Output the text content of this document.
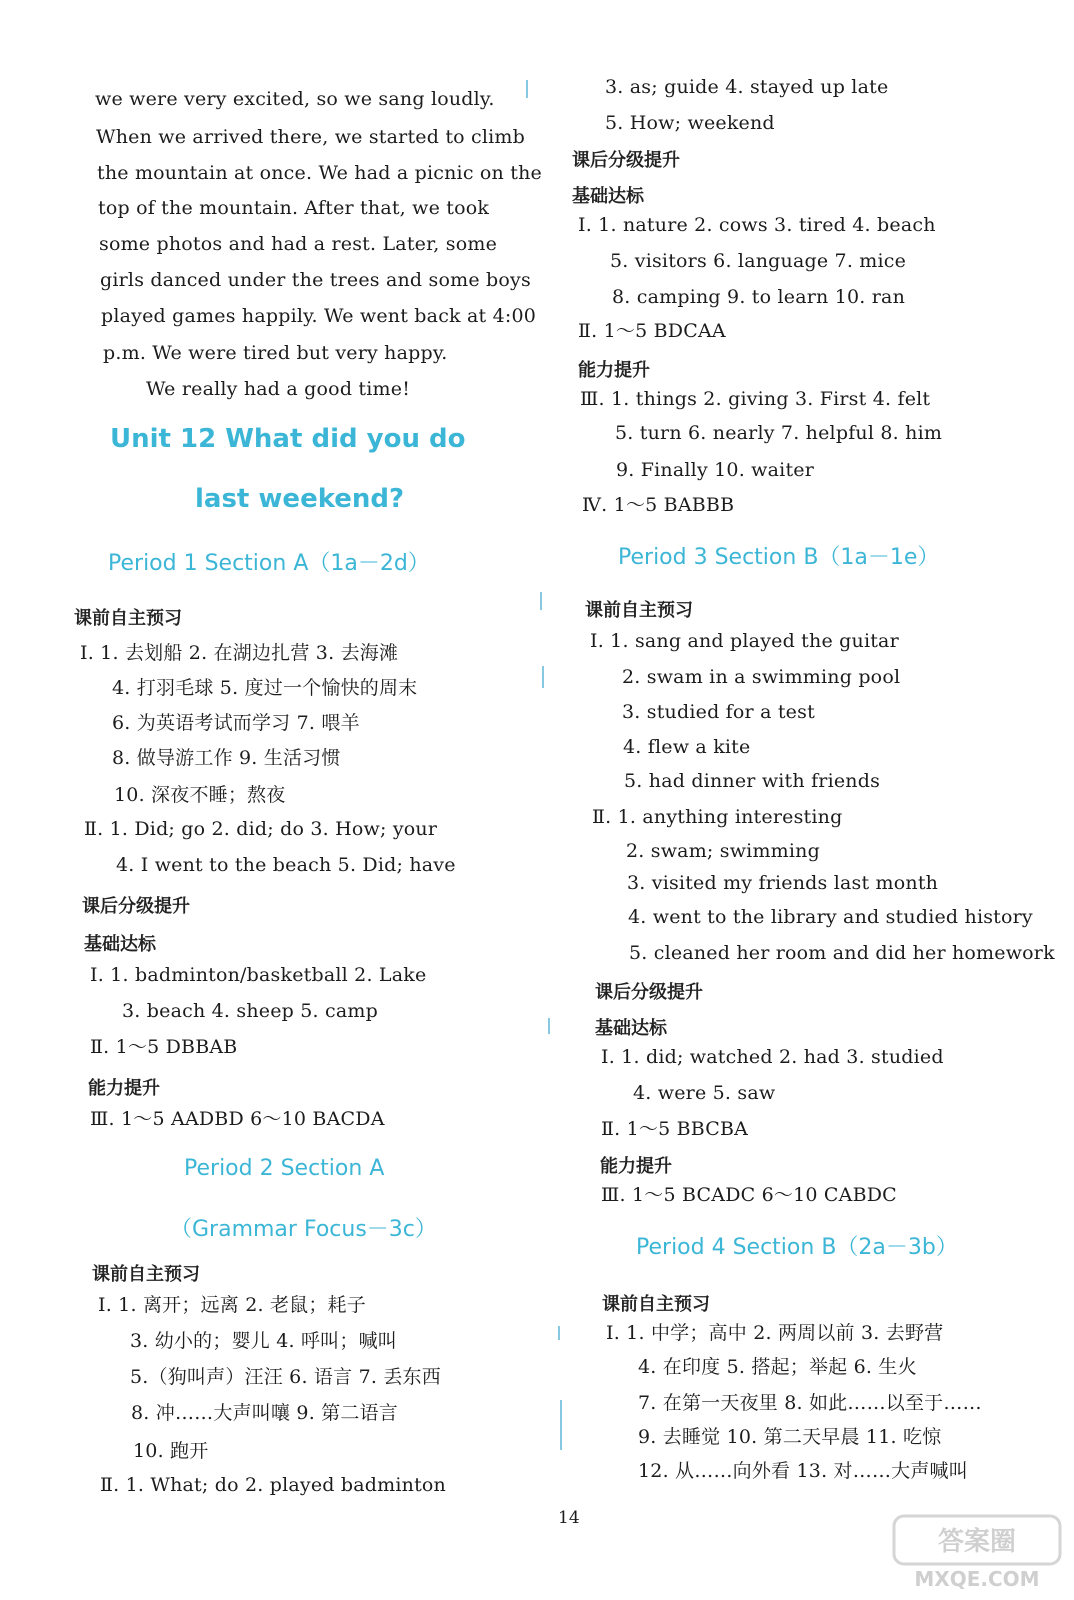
we were very excited, so we sang loudly.
When we arrived there, we started to climb
the mountain at once. We had a picnic on the
top of the mountain. After that, we took
some photos and had a rest. Later, some
girls danced under the trees and some boys
played games happily. We went back at 4:00
p.m. We were tired but very happy.
We really had a good time!
Unit 12 What did you do
last weekend?
Period 1 Section A（1a－2d）
课前自主预习
Ⅰ. 1. 去划船 2. 在湖边扎营 3. 去海滩
4. 打羽毛球 5. 度过一个愉快的周末
6. 为英语考试而学习 7. 喂羊
8. 做导游工作 9. 生活习惯
10. 深夜不睡；熬夜
Ⅱ. 1. Did; go 2. did; do 3. How; your
4. I went to the beach 5. Did; have
课后分级提升
基础达标
Ⅰ. 1. badminton/basketball 2. Lake
3. beach 4. sheep 5. camp
Ⅱ. 1～5 DBBAB
能力提升
Ⅲ. 1～5 AADBD 6～10 BACDA
Period 2 Section A
（Grammar Focus－3c）
课前自主预习
Ⅰ. 1. 离开；远离 2. 老鼠；耗子
3. 幼小的；婴儿 4. 呼叫；喊叫
5.（狗叫声）汪汪 6. 语言 7. 丢东西
8. 冲……大声叫嚷 9. 第二语言
10. 跑开
Ⅱ. 1. What; do 2. played badminton
3. as; guide 4. stayed up late
5. How; weekend
课后分级提升
基础达标
Ⅰ. 1. nature 2. cows 3. tired 4. beach
5. visitors 6. language 7. mice
8. camping 9. to learn 10. ran
Ⅱ. 1～5 BDCAA
能力提升
Ⅲ. 1. things 2. giving 3. First 4. felt
5. turn 6. nearly 7. helpful 8. him
9. Finally 10. waiter
Ⅳ. 1～5 BABBB
Period 3 Section B（1a－1e）
课前自主预习
Ⅰ. 1. sang and played the guitar
2. swam in a swimming pool
3. studied for a test
4. flew a kite
5. had dinner with friends
Ⅱ. 1. anything interesting
2. swam; swimming
3. visited my friends last month
4. went to the library and studied history
5. cleaned her room and did her homework
课后分级提升
基础达标
Ⅰ. 1. did; watched 2. had 3. studied
4. were 5. saw
Ⅱ. 1～5 BBCBA
能力提升
Ⅲ. 1～5 BCADC 6～10 CABDC
Period 4 Section B（2a－3b）
课前自主预习
Ⅰ. 1. 中学；高中 2. 两周以前 3. 去野营
4. 在印度 5. 搭起；举起 6. 生火
7. 在第一天夜里 8. 如此……以至于……
9. 去睡觉 10. 第二天早晨 11. 吃惊
12. 从……向外看 13. 对……大声喊叫
14
答案圈
MXQE.COM
